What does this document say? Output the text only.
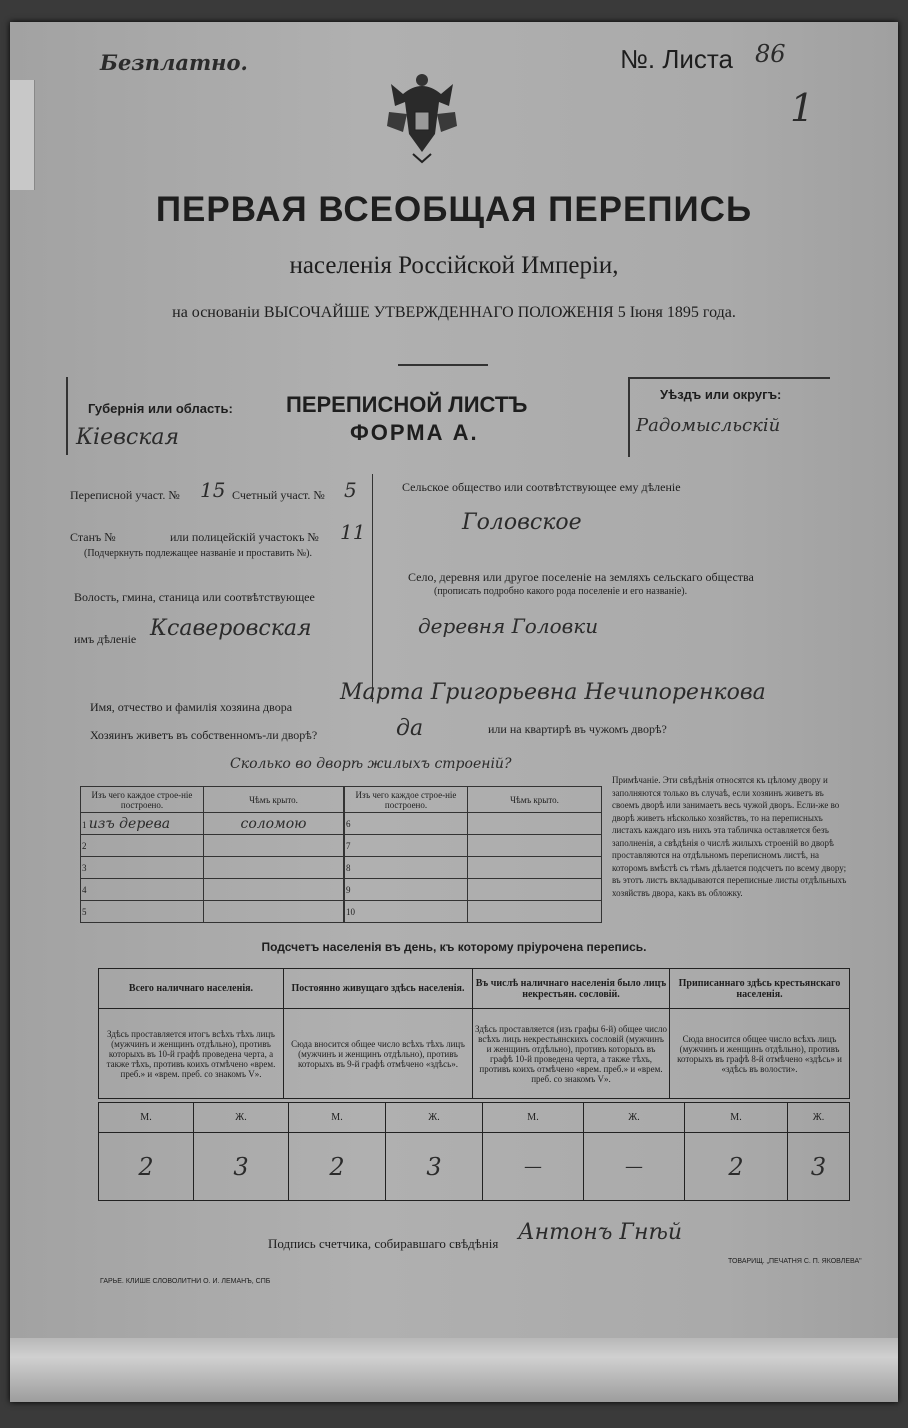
Безплатно.	№. Листа 86
1
ПЕРВАЯ ВСЕОБЩАЯ ПЕРЕПИСЬ
населенія Россійской Имперіи,
на основаніи ВЫСОЧАЙШЕ УТВЕРЖДЕННАГО ПОЛОЖЕНІЯ 5 Іюня 1895 года.
Губернія или область:
Кіевская
ПЕРЕПИСНОЙ ЛИСТЪ
ФОРМА А.
Уѣздъ или округъ:
Радомысльскій
Переписной участ. № 15 Счетный участ. № 5
Станъ №	или полицейскій участокъ № 11
(Подчеркнуть подлежащее названіе и проставить №).
Волость, гмина, станица или соотвѣтствующее
имъ дѣленіе Ксаверовская
Сельское общество или соотвѣтствующее ему дѣленіе
Головское
Село, деревня или другое поселеніе на земляхъ сельскаго общества
(прописать подробно какого рода поселеніе и его названіе).
деревня Головки
Имя, отчество и фамилія хозяина двора
Марта Григорьевна Нечипоренкова
Хозяинъ живетъ въ собственномъ-ли дворѣ?	да	или на квартирѣ въ чужомъ дворѣ?
Сколько во дворѣ жилыхъ строеній?
Изъ чего каждое строе-ніе построено.	Чѣмъ крыто.
1 изъ дерева	соломою
2	
3	
4	
5	
Изъ чего каждое строе-ніе построено.	Чѣмъ крыто.
6	
7	
8	
9	
10	
Примѣчаніе. Эти свѣдѣнія относятся къ цѣлому двору и заполняются только въ случаѣ, если хозяинъ живетъ въ своемъ дворѣ или занимаетъ весь чужой дворъ. Если-же во дворѣ живетъ нѣсколько хозяйствъ, то на переписныхъ листахъ каждаго изъ нихъ эта табличка оставляется безъ заполненія, а свѣдѣнія о числѣ жилыхъ строеній во дворѣ проставляются на отдѣльномъ переписномъ листѣ, на которомъ вмѣстѣ съ тѣмъ дѣлается подсчетъ по всему двору; въ этотъ листъ вкладываются переписные листы отдѣльныхъ хозяйствъ двора, какъ въ обложку.
Подсчетъ населенія въ день, къ которому пріурочена перепись.
Всего наличнаго населенія.	Постоянно живущаго здѣсь населенія.	Въ числѣ наличнаго населенія было лицъ некрестьян. сословій.	Приписаннаго здѣсь крестьянскаго населенія.
Здѣсь проставляется итогъ всѣхъ тѣхъ лицъ (мужчинъ и женщинъ отдѣльно), противъ которыхъ въ 10-й графѣ проведена черта, а также тѣхъ, противъ коихъ отмѣчено «врем. преб.» и «врем. преб. со знакомъ V».	Сюда вносится общее число всѣхъ тѣхъ лицъ (мужчинъ и женщинъ отдѣльно), противъ которыхъ въ 9-й графѣ отмѣчено «здѣсь».	Здѣсь проставляется (изъ графы 6-й) общее число всѣхъ лицъ некрестьянскихъ сословій (мужчинъ и женщинъ отдѣльно), противъ которыхъ въ графѣ 10-й проведена черта, а также тѣхъ, противъ коихъ отмѣчено «врем. преб.» и «врем. преб. со знакомъ V».	Сюда вносится общее число всѣхъ лицъ (мужчинъ и женщинъ отдѣльно), противъ которыхъ въ графѣ 8-й отмѣчено «здѣсь» и «здѣсь въ волости».
М.	Ж.	М.	Ж.	М.	Ж.	М.	Ж.
2	3	2	3	—	—	2	3
Подпись счетчика, собиравшаго свѣдѣнія Антонъ Гнѣй
ГАРЬЕ. КЛИШЕ СЛОВОЛИТНИ О. И. ЛЕМАНЪ, СПБ
ТОВАРИЩ. „ПЕЧАТНЯ С. П. ЯКОВЛЕВА"
